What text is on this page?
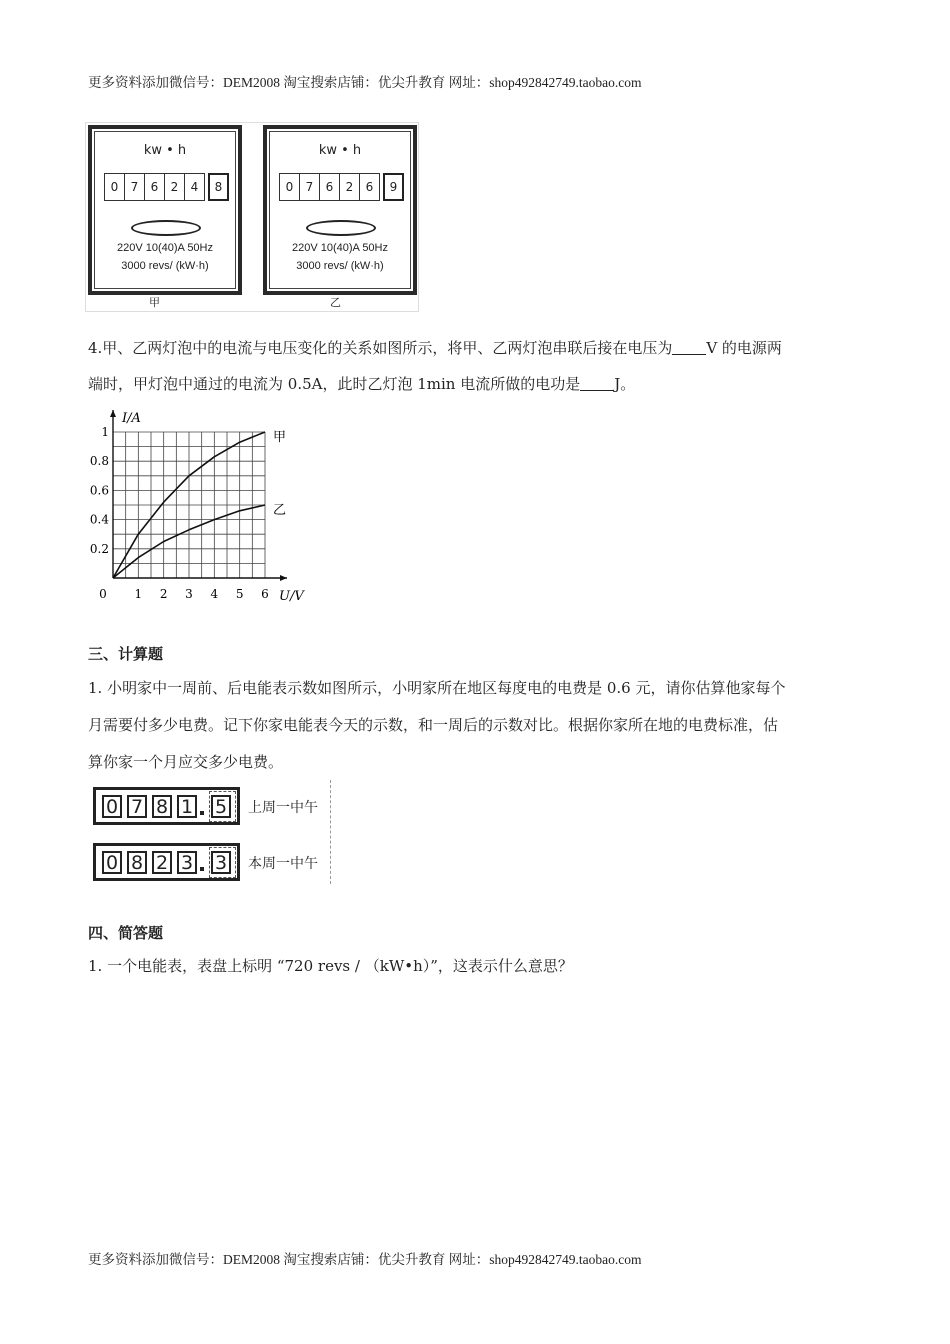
更多资料添加微信号：DEM2008 淘宝搜索店铺：优尖升教育 网址：shop492842749.taobao.com
kw • h
0	7	6	2	4	8
220V 10(40)A 50Hz
3000 revs/ (kW·h)
甲
kw • h
0	7	6	2	6	9
220V 10(40)A 50Hz
3000 revs/ (kW·h)
乙
4.甲、乙两灯泡中的电流与电压变化的关系如图所示，将甲、乙两灯泡串联后接在电压为 V 的电源两
端时，甲灯泡中通过的电流为 0.5A，此时乙灯泡 1min 电流所做的电功是 J。
0 1 2 3 4 5 6
0.2
0.4
0.6
0.8
1
U/V
I/A
甲
乙
三、计算题
1. 小明家中一周前、后电能表示数如图所示，小明家所在地区每度电的电费是 0.6 元，请你估算他家每个
月需要付多少电费。记下你家电能表今天的示数，和一周后的示数对比。根据你家所在地的电费标准，估
算你家一个月应交多少电费。
0 7 8 1 5 上周一中午
0 8 2 3 3 本周一中午
四、简答题
1. 一个电能表，表盘上标明 “720 revs / （kW•h）”，这表示什么意思？
更多资料添加微信号：DEM2008 淘宝搜索店铺：优尖升教育 网址：shop492842749.taobao.com
